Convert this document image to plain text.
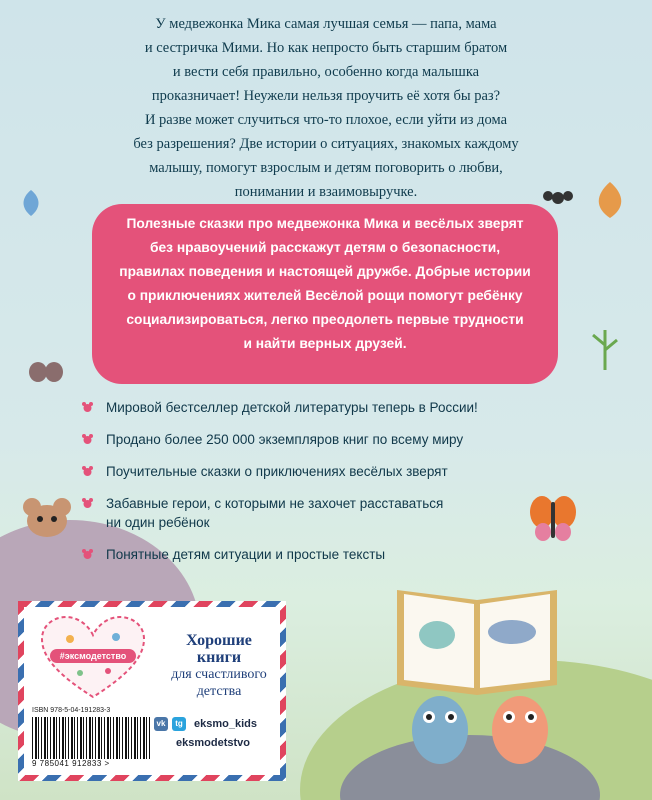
У медвежонка Мика самая лучшая семья — папа, мама
и сестричка Мими. Но как непросто быть старшим братом
и вести себя правильно, особенно когда малышка
проказничает! Неужели нельзя проучить её хотя бы раз?
И разве может случиться что-то плохое, если уйти из дома
без разрешения? Две истории о ситуациях, знакомых каждому
малышу, помогут взрослым и детям поговорить о любви,
понимании и взаимовыручке.
Полезные сказки про медвежонка Мика и весёлых зверят
без нравоучений расскажут детям о безопасности,
правилах поведения и настоящей дружбе. Добрые истории
о приключениях жителей Весёлой рощи помогут ребёнку
социализироваться, легко преодолеть первые трудности
и найти верных друзей.
Мировой бестселлер детской литературы теперь в России!
Продано более 250 000 экземпляров книг по всему миру
Поучительные сказки о приключениях весёлых зверят
Забавные герои, с которыми не захочет расставаться
ни один ребёнок
Понятные детям ситуации и простые тексты
#эксмодетство
Хорошие
книги
для счастливого
детства
ISBN 978-5-04-191283-3
9 785041 912833 >
vk	tg eksmo_kids
eksmodetstvo
